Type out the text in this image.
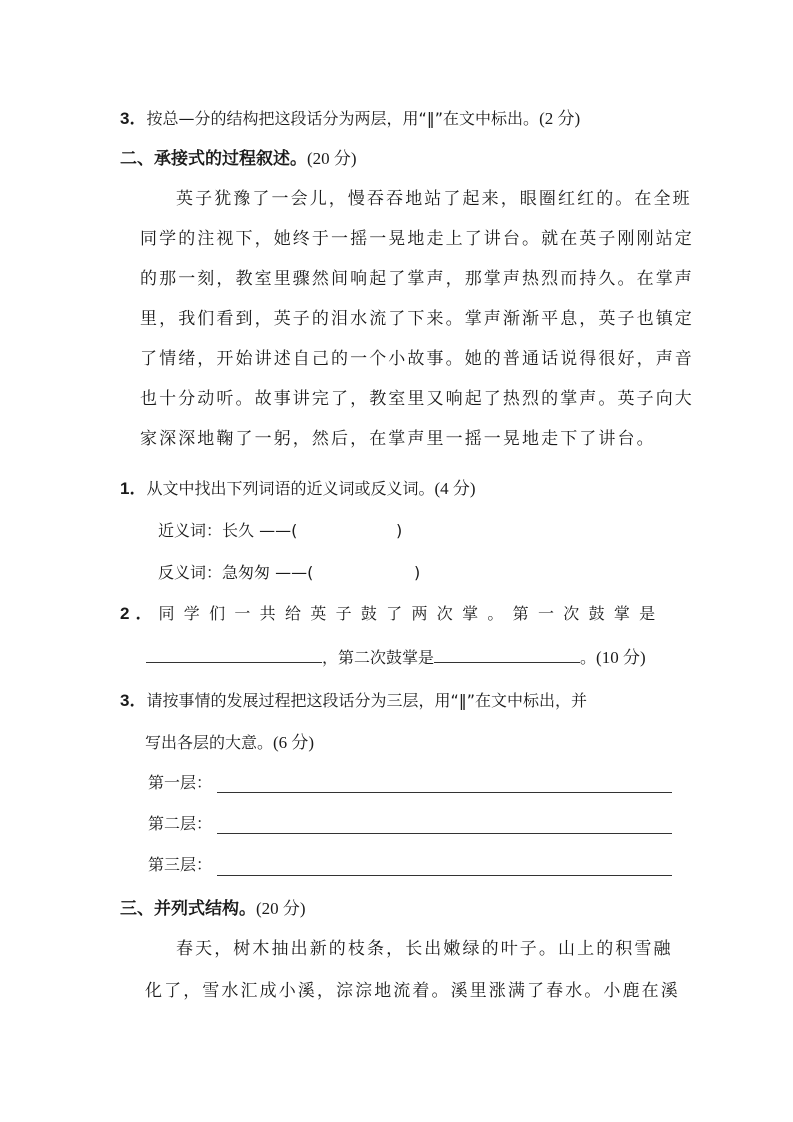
3．按总—分的结构把这段话分为两层，用“‖”在文中标出。(2 分)
二、承接式的过程叙述。(20 分)
英子犹豫了一会儿，慢吞吞地站了起来，眼圈红红的。在全班
同学的注视下，她终于一摇一晃地走上了讲台。就在英子刚刚站定
的那一刻，教室里骤然间响起了掌声，那掌声热烈而持久。在掌声
里，我们看到，英子的泪水流了下来。掌声渐渐平息，英子也镇定
了情绪，开始讲述自己的一个小故事。她的普通话说得很好，声音
也十分动听。故事讲完了，教室里又响起了热烈的掌声。英子向大
家深深地鞠了一躬，然后，在掌声里一摇一晃地走下了讲台。
1．从文中找出下列词语的近义词或反义词。(4 分)
近义词：长久 ——(	)
反义词：急匆匆 ——(	)
2．同学们一共给英子鼓了两次掌。第一次鼓掌是
，第二次鼓掌是	。(10 分)
3．请按事情的发展过程把这段话分为三层，用“‖”在文中标出，并
写出各层的大意。(6 分)
第一层：
第二层：
第三层：
三、并列式结构。(20 分)
春天，树木抽出新的枝条，长出嫩绿的叶子。山上的积雪融
化了，雪水汇成小溪，淙淙地流着。溪里涨满了春水。小鹿在溪
